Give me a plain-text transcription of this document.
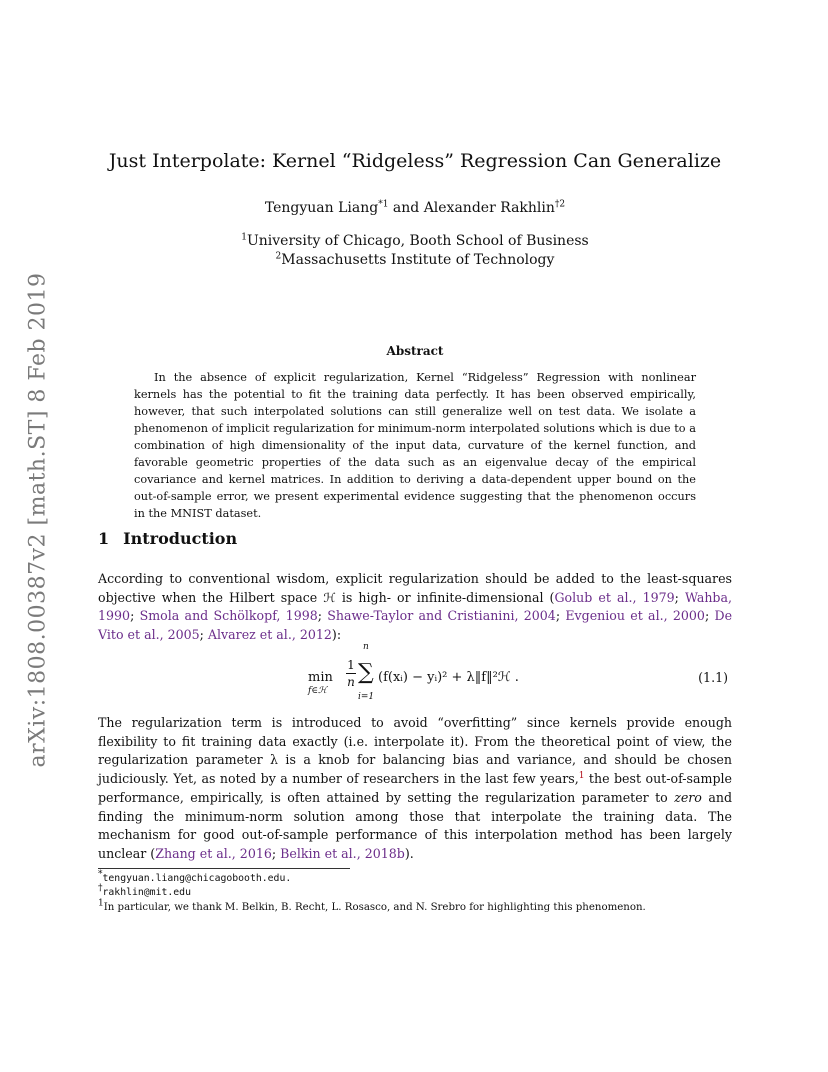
arXiv:1808.00387v2 [math.ST] 8 Feb 2019
Just Interpolate: Kernel “Ridgeless” Regression Can Generalize
Tengyuan Liang$^{*1}$ and Alexander Rakhlin$^{\dagger 2}$
$^1$University of Chicago, Booth School of Business
$^2$Massachusetts Institute of Technology
Abstract

In the absence of explicit regularization, Kernel “Ridgeless” Regression with nonlinear kernels has the potential to fit the training data perfectly. It has been observed empirically, however, that such interpolated solutions can still generalize well on test data. We isolate a phenomenon of implicit regularization for minimum-norm interpolated solutions which is due to a combination of high dimensionality of the input data, curvature of the kernel function, and favorable geometric properties of the data such as an eigenvalue decay of the empirical covariance and kernel matrices. In addition to deriving a data-dependent upper bound on the out-of-sample error, we present experimental evidence suggesting that the phenomenon occurs in the MNIST dataset.

1 Introduction

According to conventional wisdom, explicit regularization should be added to the least-squares objective when the Hilbert space ℋ is high- or infinite-dimensional (Golub et al., 1979; Wahba, 1990; Smola and Schölkopf, 1998; Shawe-Taylor and Cristianini, 2004; Evgeniou et al., 2000; De Vito et al., 2005; Alvarez et al., 2012):

min
f∈ℋ
1
n
n
∑
i=1
(f(xᵢ) − yᵢ)² + λ‖f‖²ℋ .	(1.1)

The regularization term is introduced to avoid “overfitting” since kernels provide enough flexibility to fit training data exactly (i.e. interpolate it). From the theoretical point of view, the regularization parameter λ is a knob for balancing bias and variance, and should be chosen judiciously. Yet, as noted by a number of researchers in the last few years,$^1$ the best out-of-sample performance, empirically, is often attained by setting the regularization parameter to zero and finding the minimum-norm solution among those that interpolate the training data. The mechanism for good out-of-sample performance of this interpolation method has been largely unclear (Zhang et al., 2016; Belkin et al., 2018b).

*tengyuan.liang@chicagobooth.edu.
†rakhlin@mit.edu
$^1$In particular, we thank M. Belkin, B. Recht, L. Rosasco, and N. Srebro for highlighting this phenomenon.
